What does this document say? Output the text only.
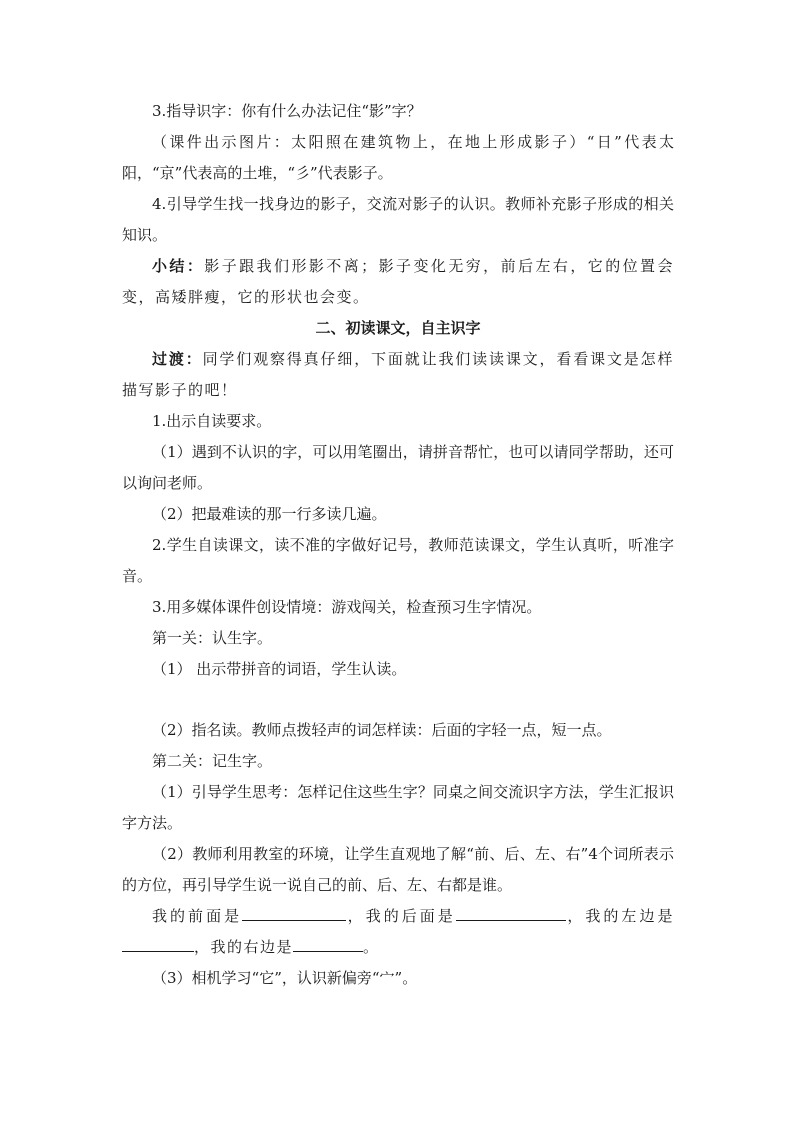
3.指导识字：你有什么办法记住“影”字？

（课件出示图片：太阳照在建筑物上，在地上形成影子）“日”代表太阳，“京”代表高的土堆，“彡”代表影子。

4.引导学生找一找身边的影子，交流对影子的认识。教师补充影子形成的相关知识。

小结：影子跟我们形影不离；影子变化无穷，前后左右，它的位置会变，高矮胖瘦，它的形状也会变。

二、初读课文，自主识字

过渡：同学们观察得真仔细，下面就让我们读读课文，看看课文是怎样描写影子的吧！

1.出示自读要求。

（1）遇到不认识的字，可以用笔圈出，请拼音帮忙，也可以请同学帮助，还可以询问老师。

（2）把最难读的那一行多读几遍。

2.学生自读课文，读不准的字做好记号，教师范读课文，学生认真听，听准字音。

3.用多媒体课件创设情境：游戏闯关，检查预习生字情况。

第一关：认生字。

（1） 出示带拼音的词语，学生认读。

（2）指名读。教师点拨轻声的词怎样读：后面的字轻一点，短一点。

第二关：记生字。

（1）引导学生思考：怎样记住这些生字？同桌之间交流识字方法，学生汇报识字方法。

（2）教师利用教室的环境，让学生直观地了解“前、后、左、右”4个词所表示的方位，再引导学生说一说自己的前、后、左、右都是谁。

我的前面是	，我的后面是	，我的左边是，我的右边是	。

（3）相机学习“它”，认识新偏旁“宀”。
